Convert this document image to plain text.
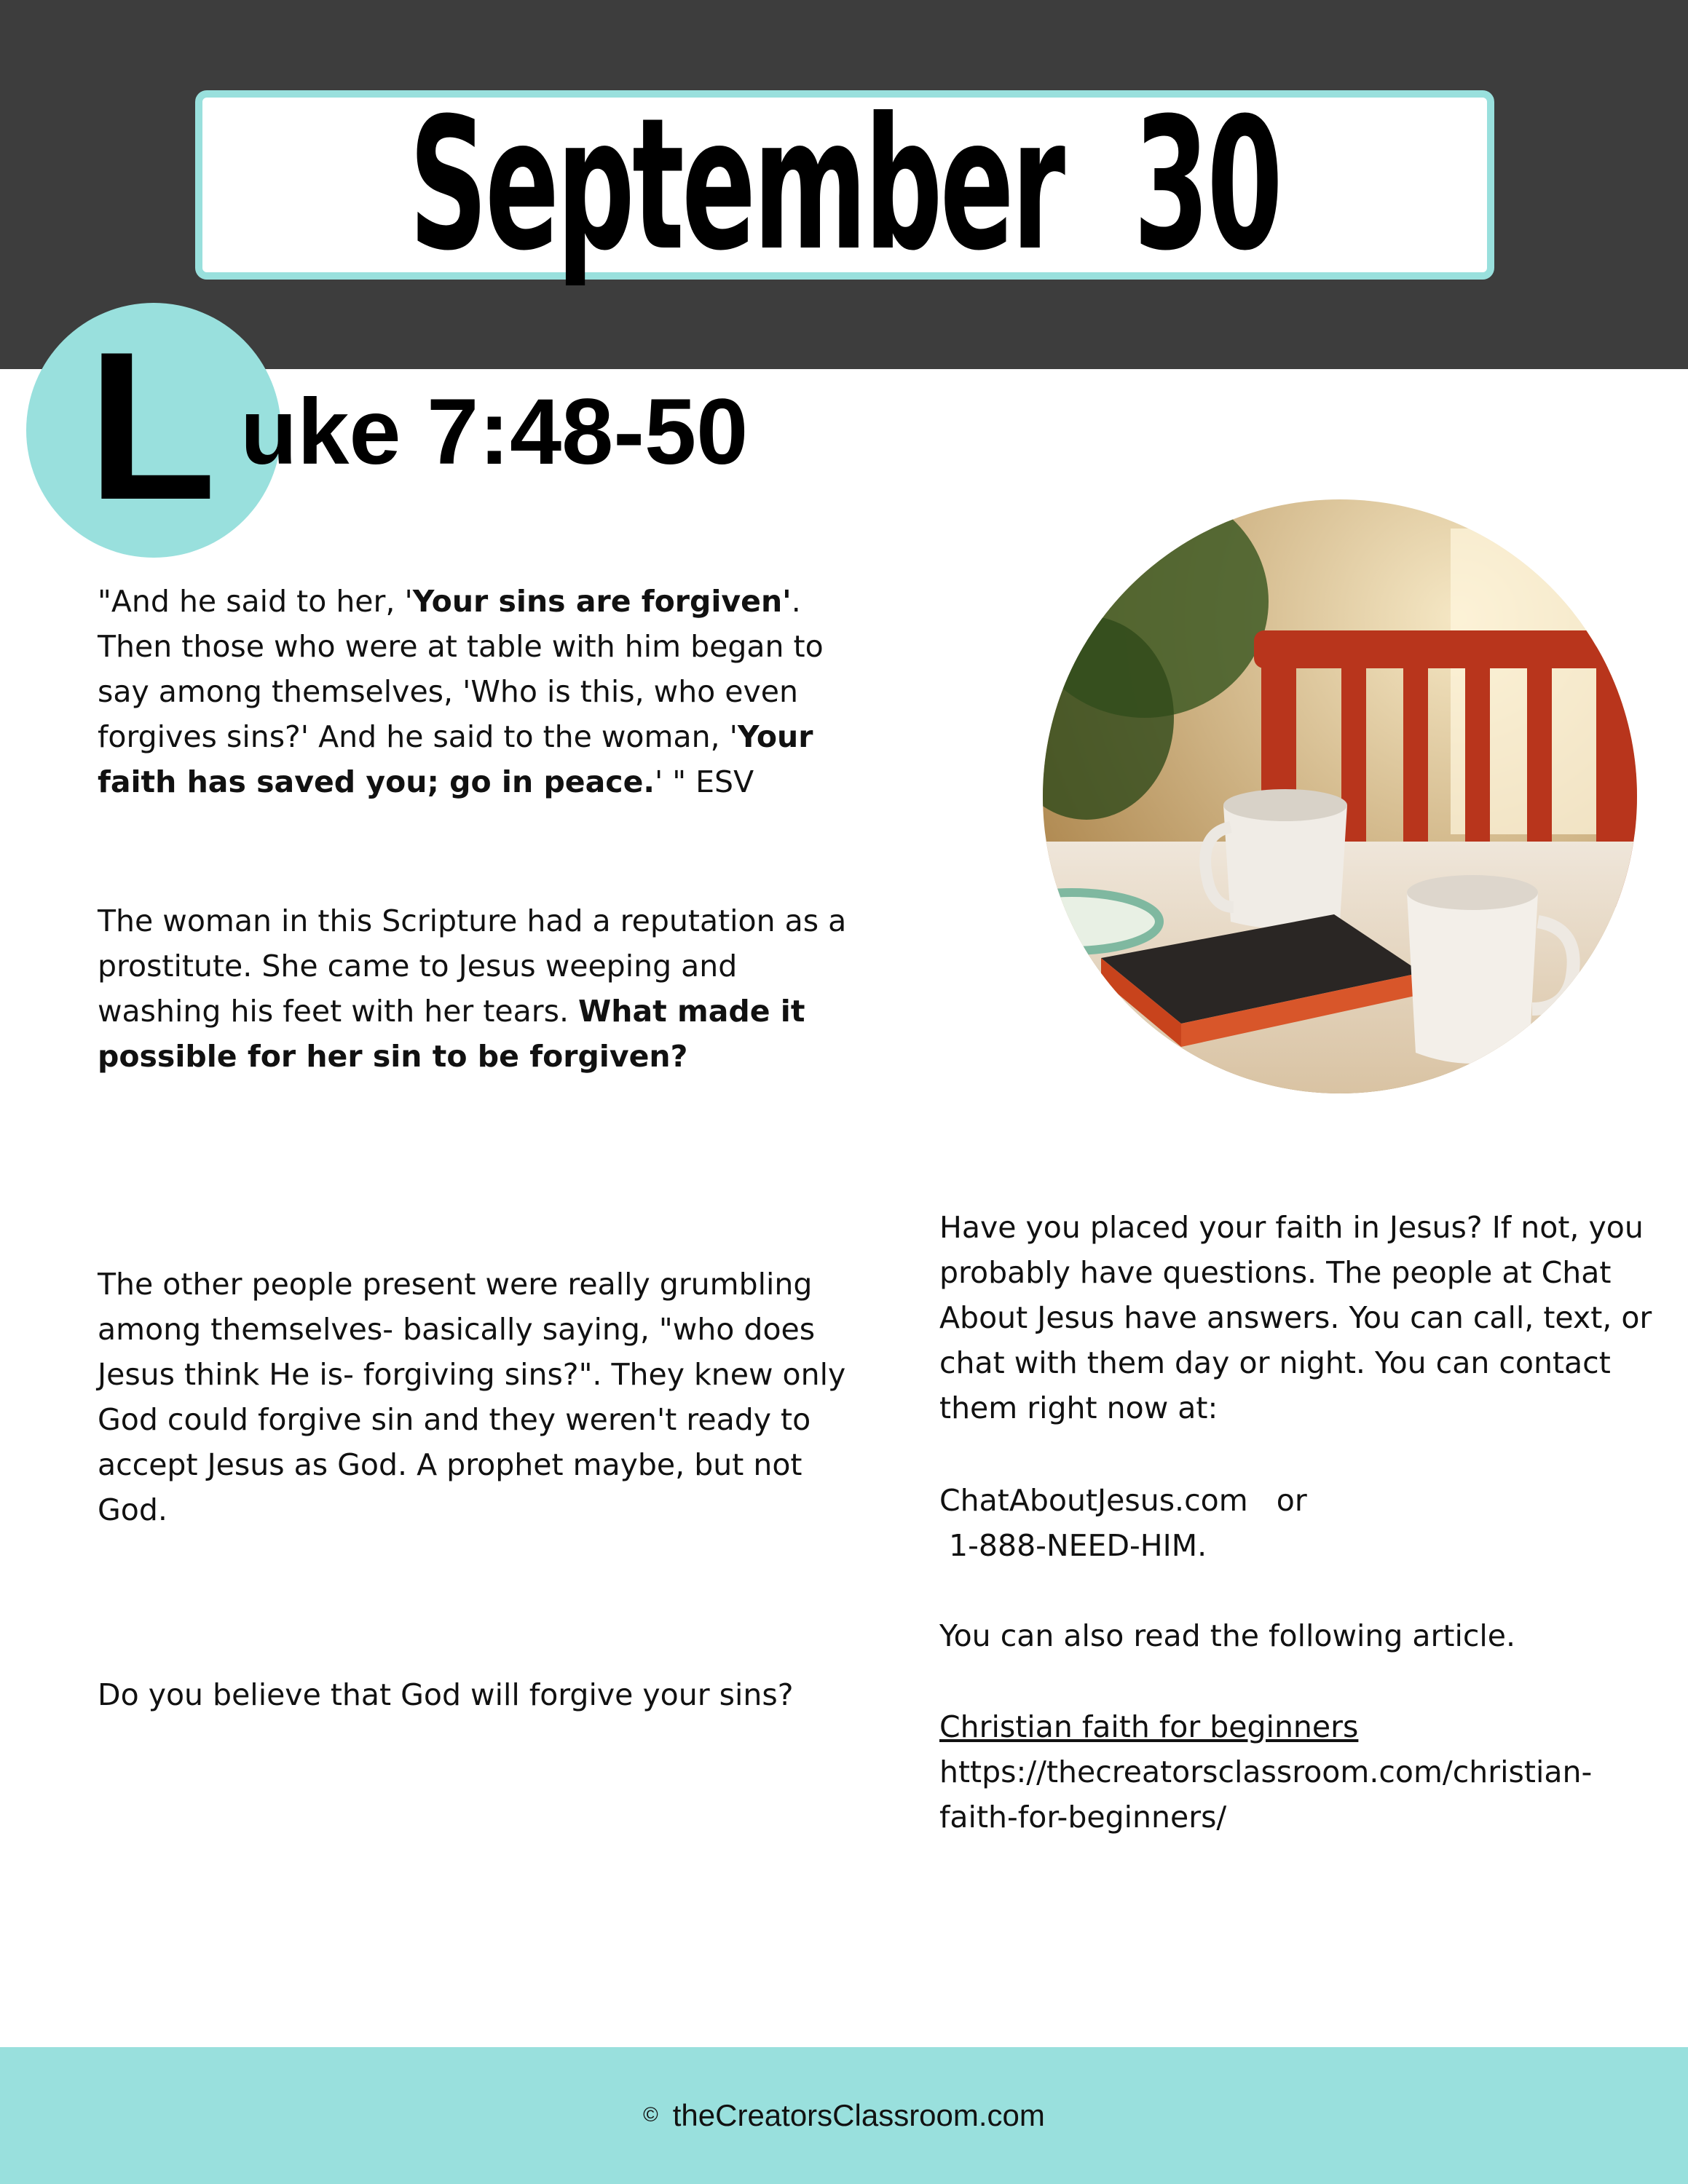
September  30
L uke 7:48-50

"And he said to her, 'Your sins are forgiven'. Then those who were at table with him began to say among themselves, 'Who is this, who even forgives sins?' And he said to the woman, 'Your faith has saved you; go in peace.' " ESV

The woman in this Scripture had a reputation as a prostitute. She came to Jesus weeping and washing his feet with her tears. What made it possible for her sin to be forgiven?

The other people present were really grumbling among themselves- basically saying, "who does Jesus think He is- forgiving sins?". They knew only God could forgive sin and they weren't ready to accept Jesus as God. A prophet maybe, but not God.

Do you believe that God will forgive your sins?

Have you placed your faith in Jesus? If not, you probably have questions. The people at Chat About Jesus have answers. You can call, text, or chat with them day or night. You can contact them right now at:

ChatAboutJesus.com   or
1-888-NEED-HIM.

You can also read the following article.

Christian faith for beginners
https://thecreatorsclassroom.com/christian-faith-for-beginners/

© theCreatorsClassroom.com
